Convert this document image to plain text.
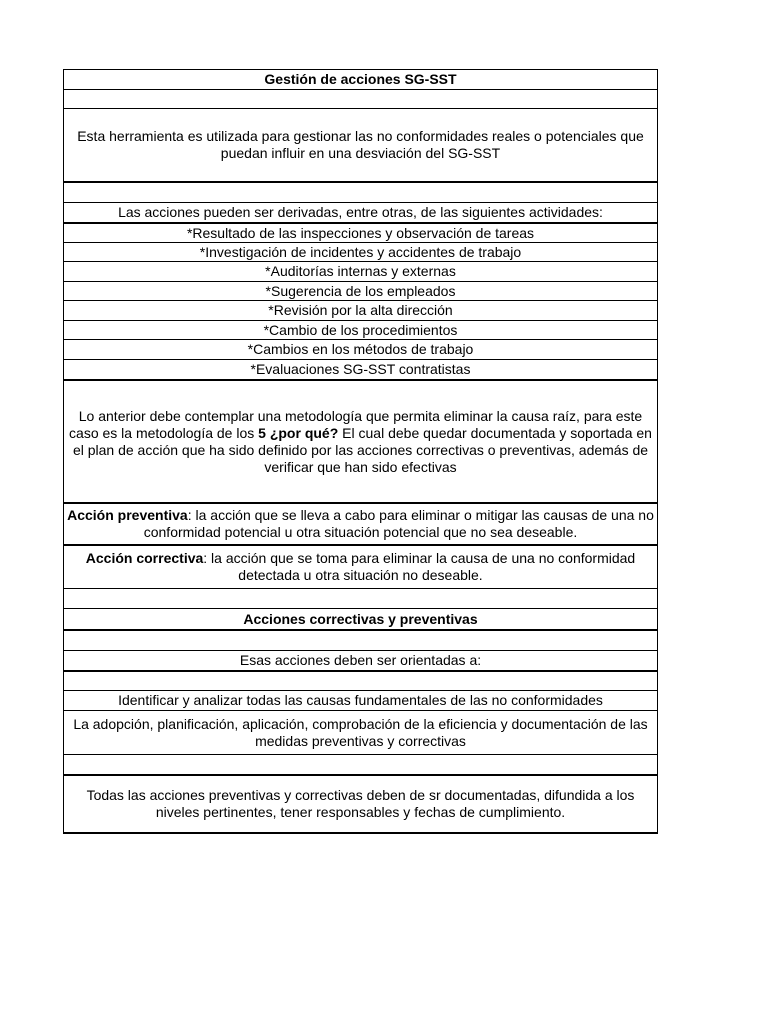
Gestión de acciones SG-SST
Esta herramienta es utilizada para gestionar las no conformidades reales o potenciales que puedan influir en una desviación del SG-SST
Las acciones pueden ser derivadas, entre otras, de las siguientes actividades:
*Resultado de las inspecciones y observación de tareas
*Investigación de incidentes y accidentes de trabajo
*Auditorías internas y externas
*Sugerencia de los empleados
*Revisión por la alta dirección
*Cambio de los procedimientos
*Cambios en los métodos de trabajo
*Evaluaciones SG-SST contratistas
Lo anterior debe contemplar una metodología que permita eliminar la causa raíz, para este caso es la metodología de los 5 ¿por qué? El cual debe quedar documentada y soportada en el plan de acción que ha sido definido por las acciones correctivas o preventivas, además de verificar que han sido efectivas
Acción preventiva: la acción que se lleva a cabo para eliminar o mitigar las causas de una no conformidad potencial u otra situación potencial que no sea deseable.
Acción correctiva: la acción que se toma para eliminar la causa de una no conformidad detectada u otra situación no deseable.
Acciones correctivas y preventivas
Esas acciones deben ser orientadas a:
Identificar y analizar todas las causas fundamentales de las no conformidades
La adopción, planificación, aplicación, comprobación de la eficiencia y documentación de las medidas preventivas y correctivas
Todas las acciones preventivas y correctivas deben de sr documentadas, difundida a los niveles pertinentes, tener responsables y fechas de cumplimiento.
